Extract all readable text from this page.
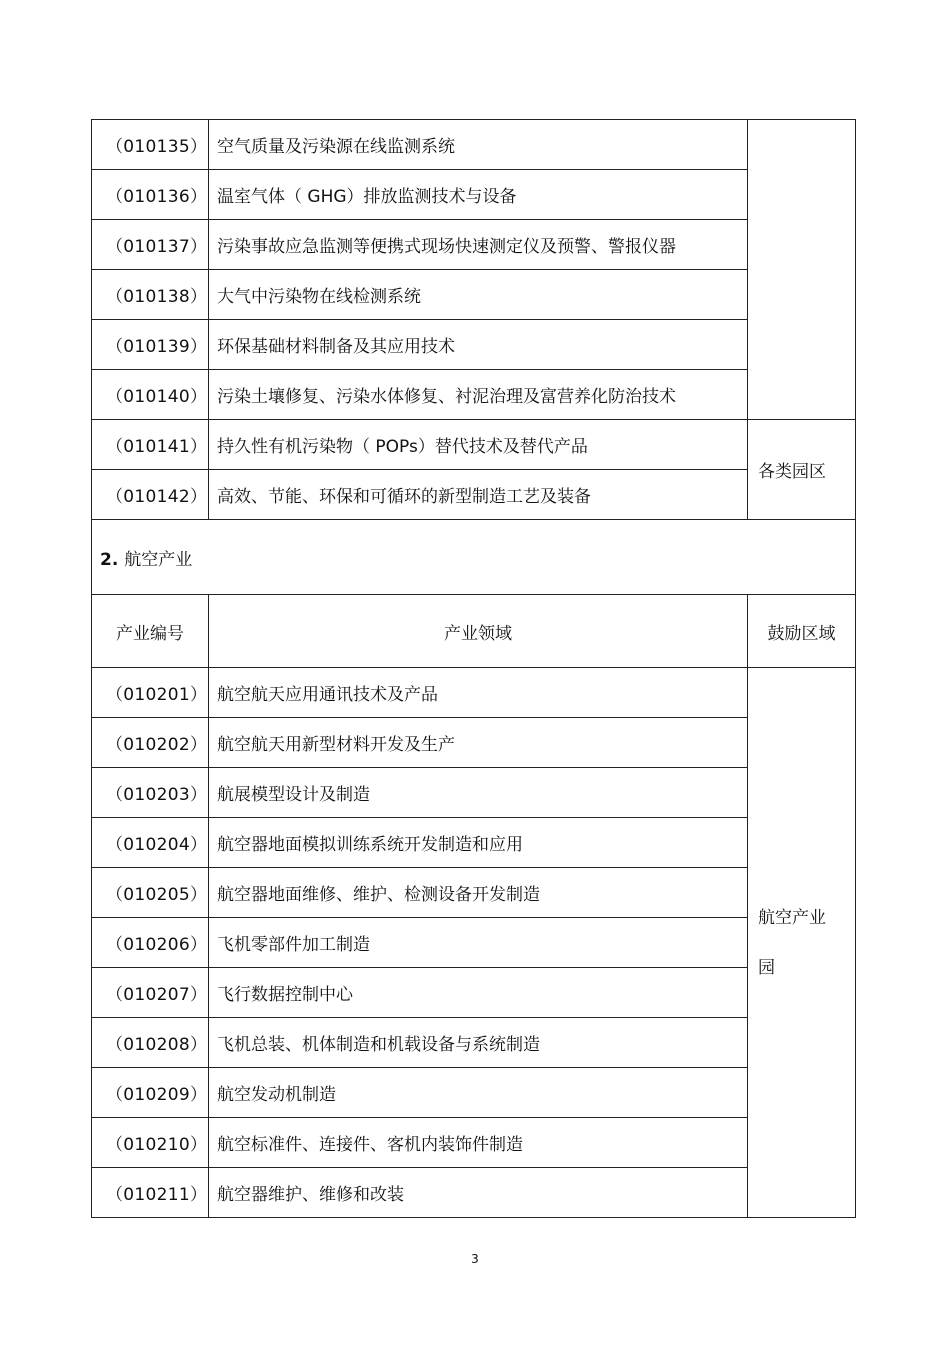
（010135）	空气质量及污染源在线监测系统	
（010136）	温室气体（ GHG）排放监测技术与设备	
（010137）	污染事故应急监测等便携式现场快速测定仪及预警、警报仪器	
（010138）	大气中污染物在线检测系统	
（010139）	环保基础材料制备及其应用技术	
（010140）	污染土壤修复、污染水体修复、衬泥治理及富营养化防治技术	
（010141）	持久性有机污染物（ POPs）替代技术及替代产品	各类园区
（010142）	高效、节能、环保和可循环的新型制造工艺及装备	
2. 航空产业		
产业编号	产业领域	鼓励区域
（010201）	航空航天应用通讯技术及产品	航空产业
园

（010202）	航空航天用新型材料开发及生产	
（010203）	航展模型设计及制造	
（010204）	航空器地面模拟训练系统开发制造和应用	
（010205）	航空器地面维修、维护、检测设备开发制造	
（010206）	飞机零部件加工制造	
（010207）	飞行数据控制中心	
（010208）	飞机总装、机体制造和机载设备与系统制造	
（010209）	航空发动机制造	
（010210）	航空标准件、连接件、客机内装饰件制造	
（010211）	航空器维护、维修和改装	
3
